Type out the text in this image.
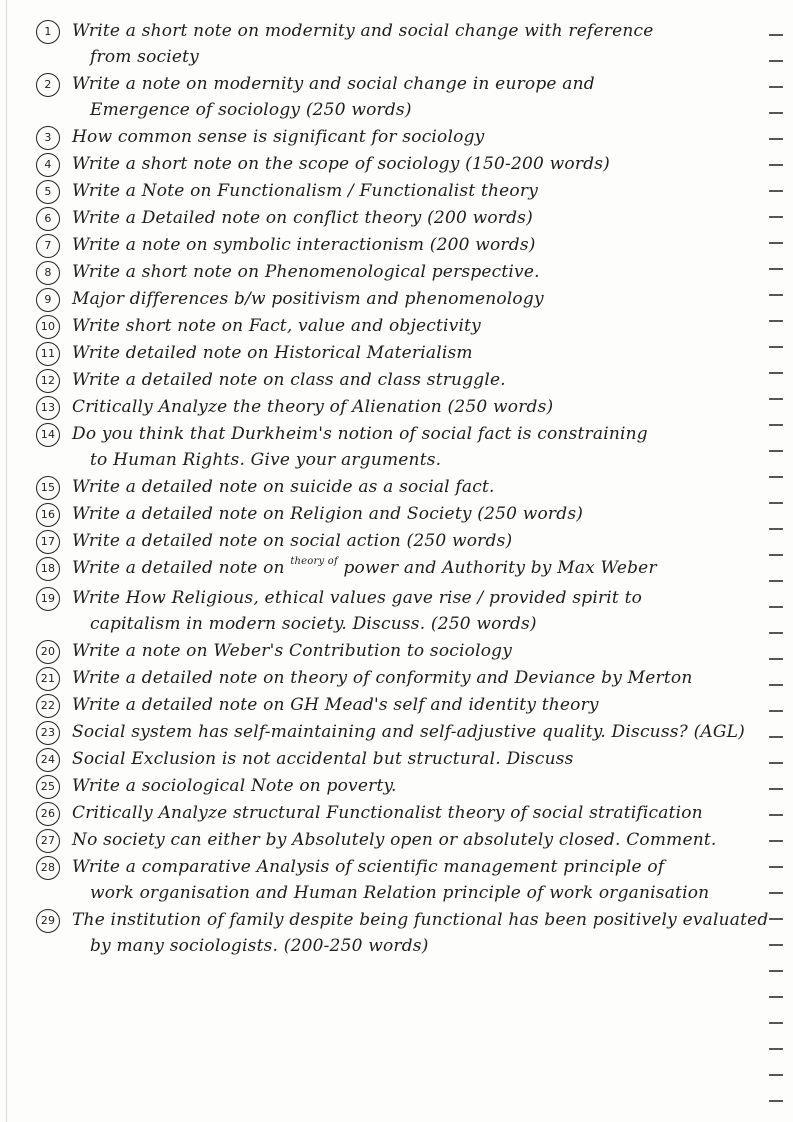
1	Write a short note on modernity and social change with reference
from society
2	Write a note on modernity and social change in europe and
Emergence of sociology (250 words)
3	How common sense is significant for sociology
4	Write a short note on the scope of sociology (150-200 words)
5	Write a Note on Functionalism / Functionalist theory
6	Write a Detailed note on conflict theory (200 words)
7	Write a note on symbolic interactionism (200 words)
8	Write a short note on Phenomenological perspective.
9	Major differences b/w positivism and phenomenology
10 Write short note on Fact, value and objectivity
11 Write detailed note on Historical Materialism
12 Write a detailed note on class and class struggle.
13 Critically Analyze the theory of Alienation (250 words)
14 Do you think that Durkheim's notion of social fact is constraining
to Human Rights. Give your arguments.
15 Write a detailed note on suicide as a social fact.
16 Write a detailed note on Religion and Society (250 words)
17 Write a detailed note on social action (250 words)
18 Write a detailed note on $^{theory of}$ power and Authority by Max Weber
19 Write How Religious, ethical values gave rise / provided spirit to
capitalism in modern society. Discuss. (250 words)
20 Write a note on Weber's Contribution to sociology
21 Write a detailed note on theory of conformity and Deviance by Merton
22 Write a detailed note on GH Mead's self and identity theory
23 Social system has self-maintaining and self-adjustive quality. Discuss? (AGL)
24 Social Exclusion is not accidental but structural. Discuss
25 Write a sociological Note on poverty.
26 Critically Analyze structural Functionalist theory of social stratification
27 No society can either by Absolutely open or absolutely closed. Comment.
28 Write a comparative Analysis of scientific management principle of
work organisation and Human Relation principle of work organisation
29 The institution of family despite being functional has been positively evaluated
by many sociologists. (200-250 words)
